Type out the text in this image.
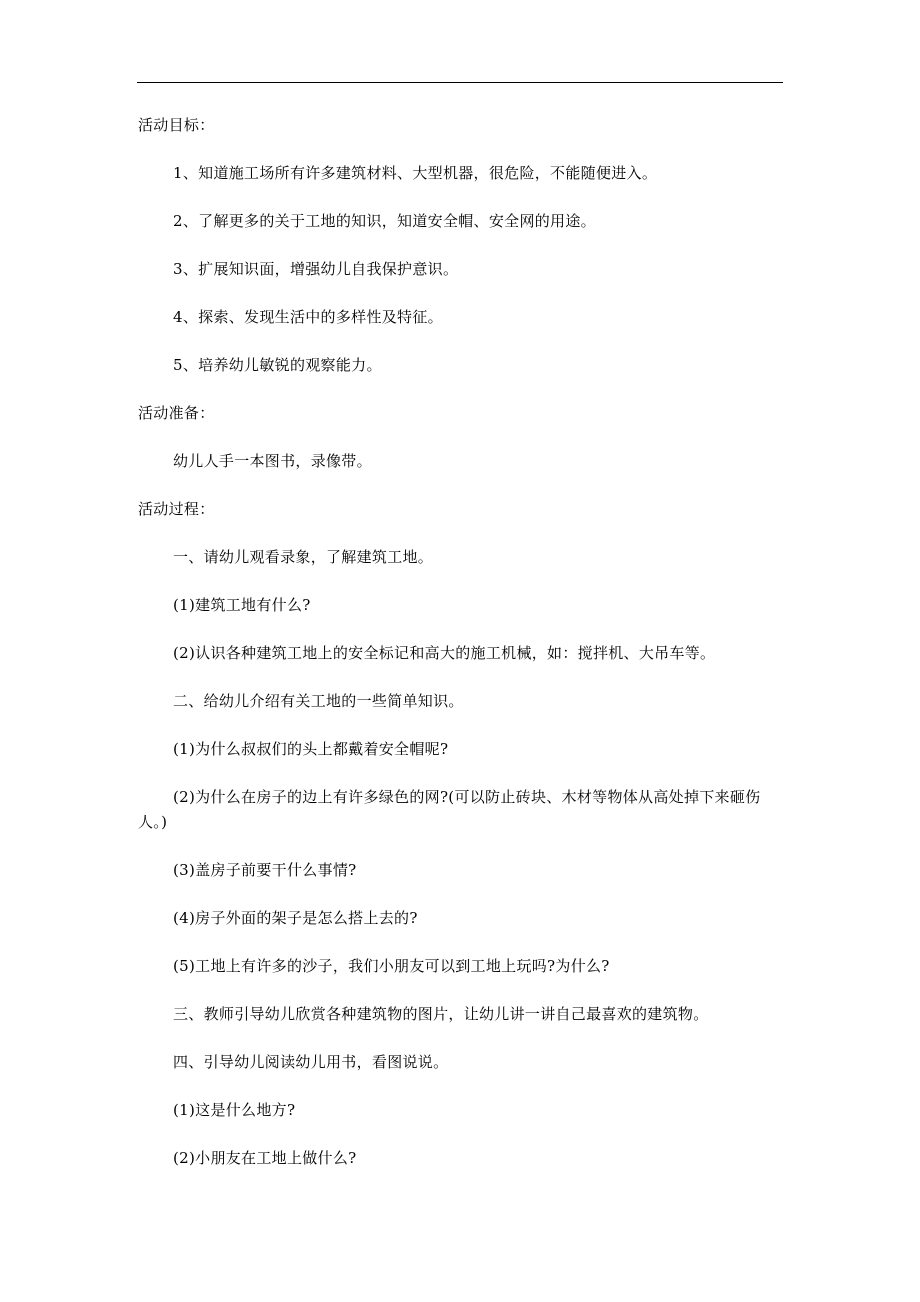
活动目标：
1、知道施工场所有许多建筑材料、大型机器，很危险，不能随便进入。
2、了解更多的关于工地的知识，知道安全帽、安全网的用途。
3、扩展知识面，增强幼儿自我保护意识。
4、探索、发现生活中的多样性及特征。
5、培养幼儿敏锐的观察能力。
活动准备：
幼儿人手一本图书，录像带。
活动过程：
一、请幼儿观看录象，了解建筑工地。
(1)建筑工地有什么?
(2)认识各种建筑工地上的安全标记和高大的施工机械，如：搅拌机、大吊车等。
二、给幼儿介绍有关工地的一些简单知识。
(1)为什么叔叔们的头上都戴着安全帽呢?
(2)为什么在房子的边上有许多绿色的网?(可以防止砖块、木材等物体从高处掉下来砸伤
人。)
(3)盖房子前要干什么事情?
(4)房子外面的架子是怎么搭上去的?
(5)工地上有许多的沙子，我们小朋友可以到工地上玩吗?为什么?
三、教师引导幼儿欣赏各种建筑物的图片，让幼儿讲一讲自己最喜欢的建筑物。
四、引导幼儿阅读幼儿用书，看图说说。
(1)这是什么地方?
(2)小朋友在工地上做什么?
